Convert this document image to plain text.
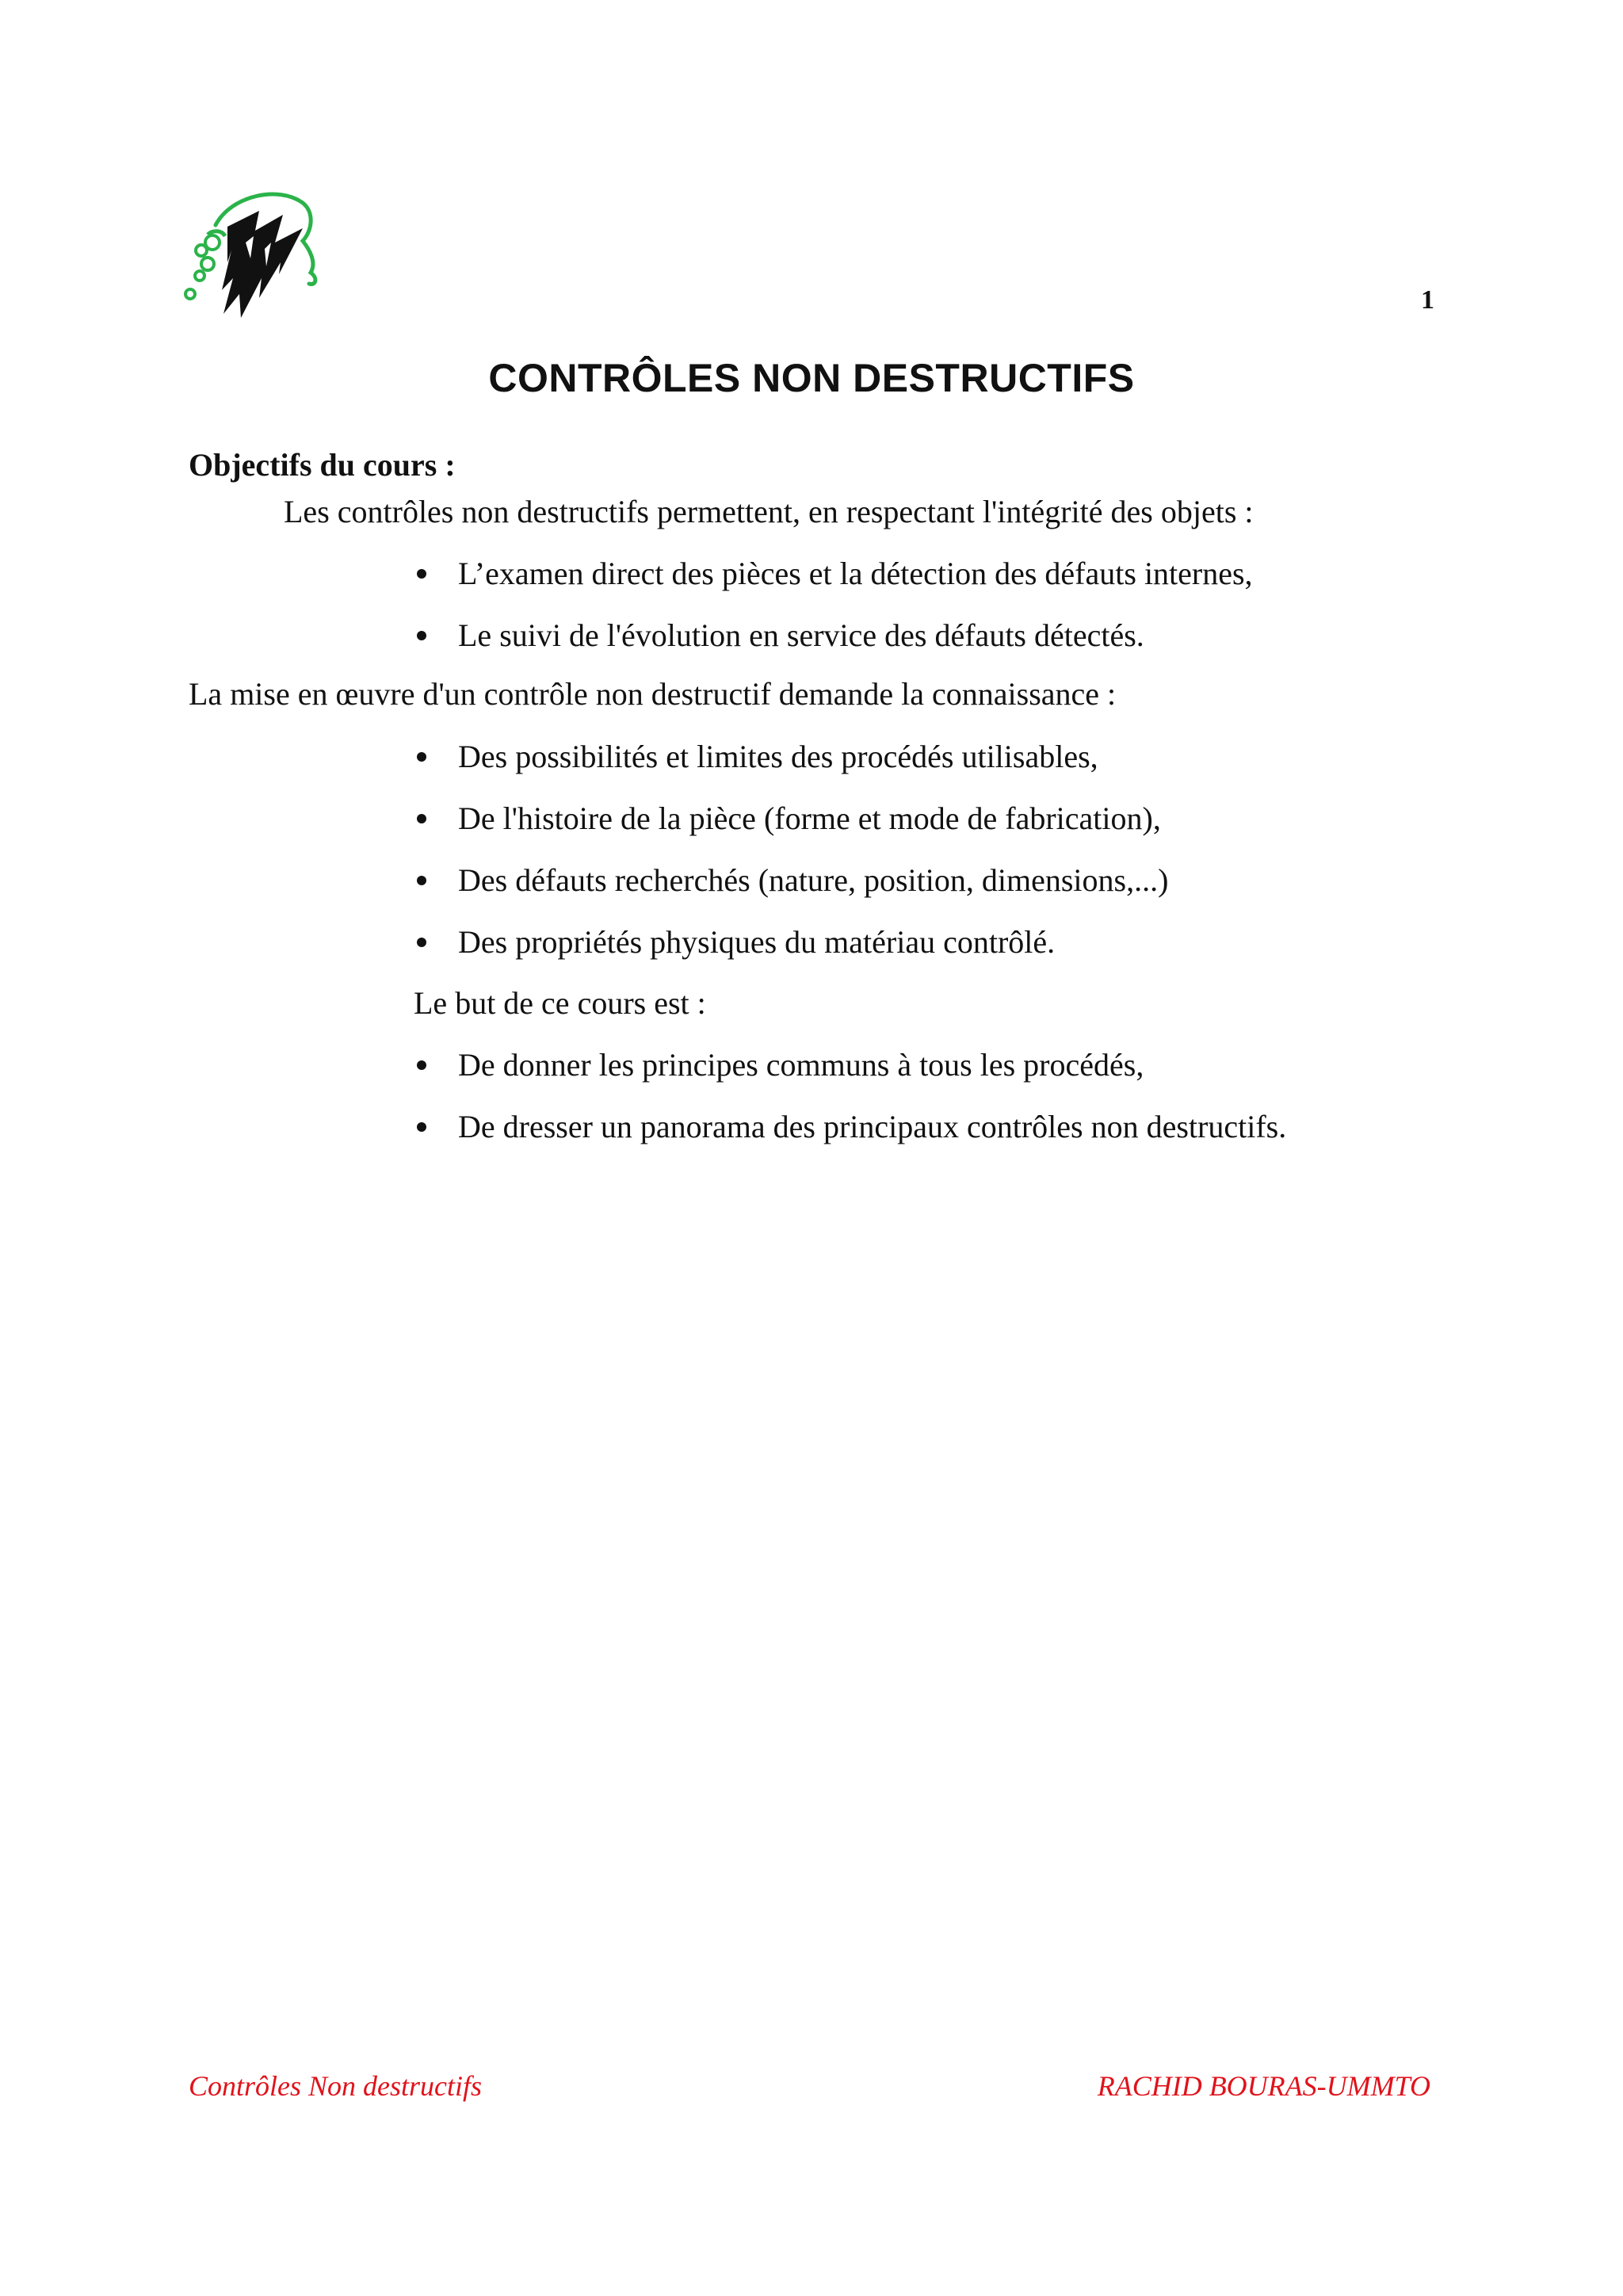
1
CONTRÔLES NON DESTRUCTIFS
Objectifs du cours :
Les contrôles non destructifs permettent, en respectant l'intégrité des objets :
L’examen direct des pièces et la détection des défauts internes,
Le suivi de l'évolution en service des défauts détectés.
La mise en œuvre d'un contrôle non destructif demande la connaissance :
Des possibilités et limites des procédés utilisables,
De l'histoire de la pièce (forme et mode de fabrication),
Des défauts recherchés (nature, position, dimensions,...)
Des propriétés physiques du matériau contrôlé.
Le but de ce cours est :
De donner les principes communs à tous les procédés,
De dresser un panorama des principaux contrôles non destructifs.
Contrôles Non destructifs	RACHID BOURAS-UMMTO
